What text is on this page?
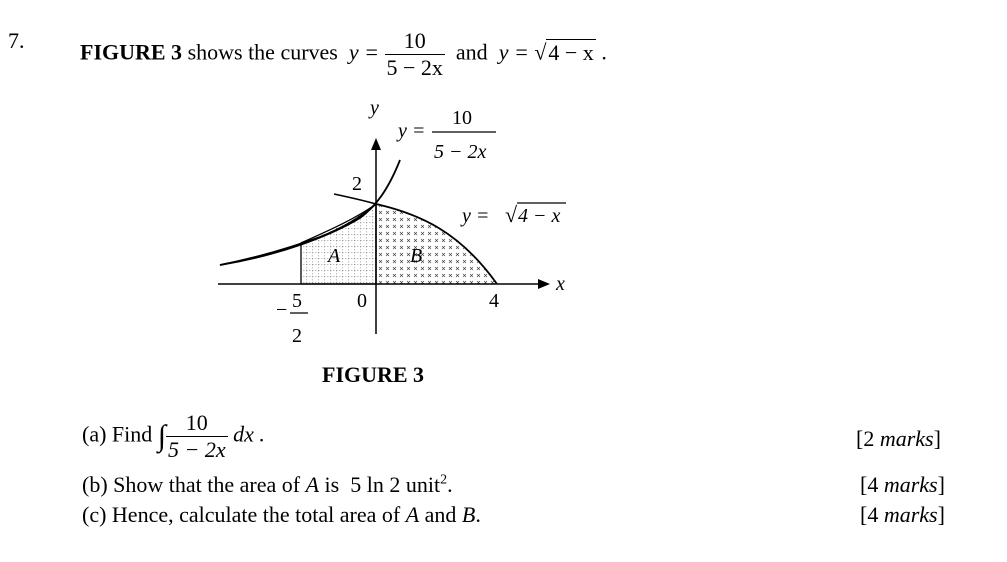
7.	FIGURE 3 shows the curves $y = \frac{10}{5 - 2x}$ and y = √4 − x .
y
x
y =
10
5 − 2x
y = √ 4 − x
2
0	4
− 5
2
A	B
FIGURE 3
(a) Find ∫ $\frac{10}{5 - 2x}$ dx .	[2 marks]
(b) Show that the area of A is 5 ln 2 unit$^2$.	[4 marks]
(c) Hence, calculate the total area of A and B.	[4 marks]
